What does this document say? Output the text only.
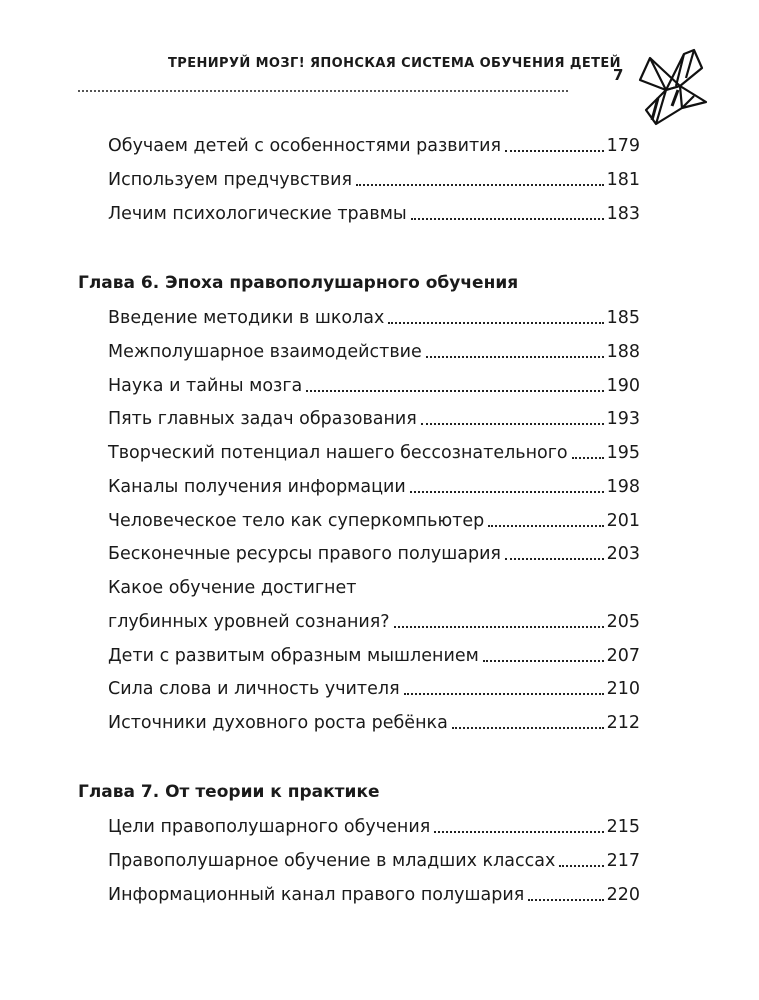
ТРЕНИРУЙ МОЗГ! ЯПОНСКАЯ СИСТЕМА ОБУЧЕНИЯ ДЕТЕЙ
7
Обучаем детей с особенностями развития	179
Используем предчувствия	181
Лечим психологические травмы	183
Глава 6. Эпоха правополушарного обучения
Введение методики в школах	185
Межполушарное взаимодействие	188
Наука и тайны мозга	190
Пять главных задач образования	193
Творческий потенциал нашего бессознательного 195
Каналы получения информации	198
Человеческое тело как суперкомпьютер	201
Бесконечные ресурсы правого полушария	203
Какое обучение достигнет
глубинных уровней сознания?	205
Дети с развитым образным мышлением	207
Сила слова и личность учителя	210
Источники духовного роста ребёнка	212
Глава 7. От теории к практике
Цели правополушарного обучения	215
Правополушарное обучение в младших классах	217
Информационный канал правого полушария	220
